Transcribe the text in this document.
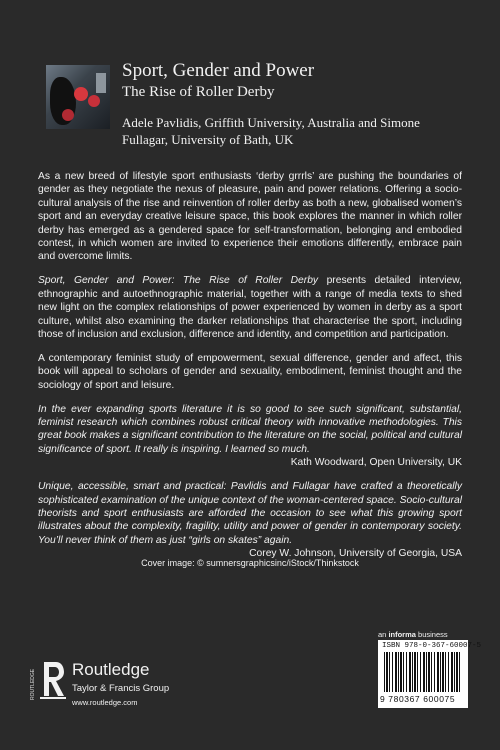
Sport, Gender and Power
The Rise of Roller Derby

Adele Pavlidis, Griffith University, Australia and Simone Fullagar, University of Bath, UK

As a new breed of lifestyle sport enthusiasts ‘derby grrrls’ are pushing the boundaries of gender as they negotiate the nexus of pleasure, pain and power relations. Offering a socio-cultural analysis of the rise and reinvention of roller derby as both a new, globalised women’s sport and an everyday creative leisure space, this book explores the manner in which roller derby has emerged as a gendered space for self-transformation, belonging and embodied contest, in which women are invited to experience their emotions differently, embrace pain and overcome limits.

Sport, Gender and Power: The Rise of Roller Derby presents detailed interview, ethnographic and autoethnographic material, together with a range of media texts to shed new light on the complex relationships of power experienced by women in derby as a sport culture, whilst also examining the darker relationships that characterise the sport, including those of inclusion and exclusion, difference and identity, and competition and participation.

A contemporary feminist study of empowerment, sexual difference, gender and affect, this book will appeal to scholars of gender and sexuality, embodiment, feminist thought and the sociology of sport and leisure.

In the ever expanding sports literature it is so good to see such significant, substantial, feminist research which combines robust critical theory with innovative methodologies. This great book makes a significant contribution to the literature on the social, political and cultural significance of sport. It really is inspiring. I learned so much.

Kath Woodward, Open University, UK

Unique, accessible, smart and practical: Pavlidis and Fullagar have crafted a theoretically sophisticated examination of the unique context of the woman-centered space. Socio-cultural theorists and sport enthusiasts are afforded the occasion to see what this growing sport illustrates about the complexity, fragility, utility and power of gender in contemporary society. You’ll never think of them as just “girls on skates” again.

Corey W. Johnson, University of Georgia, USA

Cover image: © sumnersgraphicsinc/iStock/Thinkstock
an informa business
ISBN 978-0-367-60007-5
9 780367 600075
ROUTLEDGE Routledge
Taylor & Francis Group
www.routledge.com
